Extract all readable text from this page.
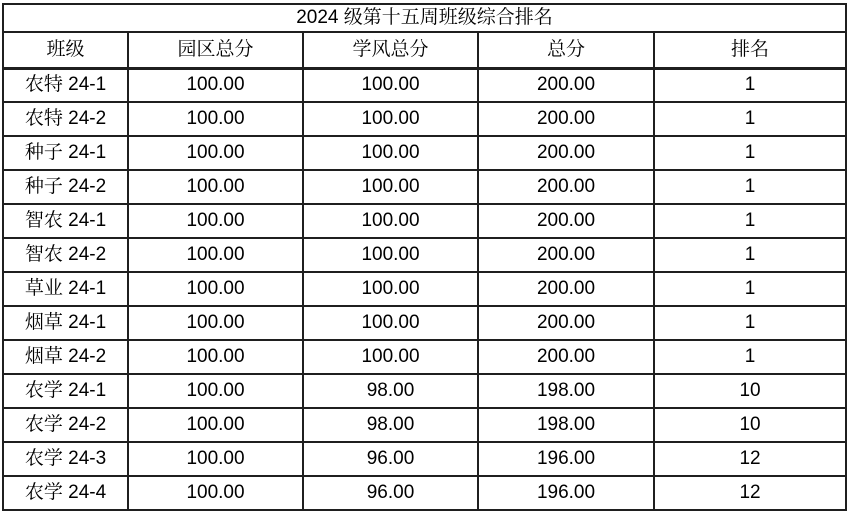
2024 级第十五周班级综合排名				
班级	园区总分	学风总分	总分	排名
农特 24-1	100.00	100.00	200.00	1
农特 24-2	100.00	100.00	200.00	1
种子 24-1	100.00	100.00	200.00	1
种子 24-2	100.00	100.00	200.00	1
智农 24-1	100.00	100.00	200.00	1
智农 24-2	100.00	100.00	200.00	1
草业 24-1	100.00	100.00	200.00	1
烟草 24-1	100.00	100.00	200.00	1
烟草 24-2	100.00	100.00	200.00	1
农学 24-1	100.00	98.00	198.00	10
农学 24-2	100.00	98.00	198.00	10
农学 24-3	100.00	96.00	196.00	12
农学 24-4	100.00	96.00	196.00	12
